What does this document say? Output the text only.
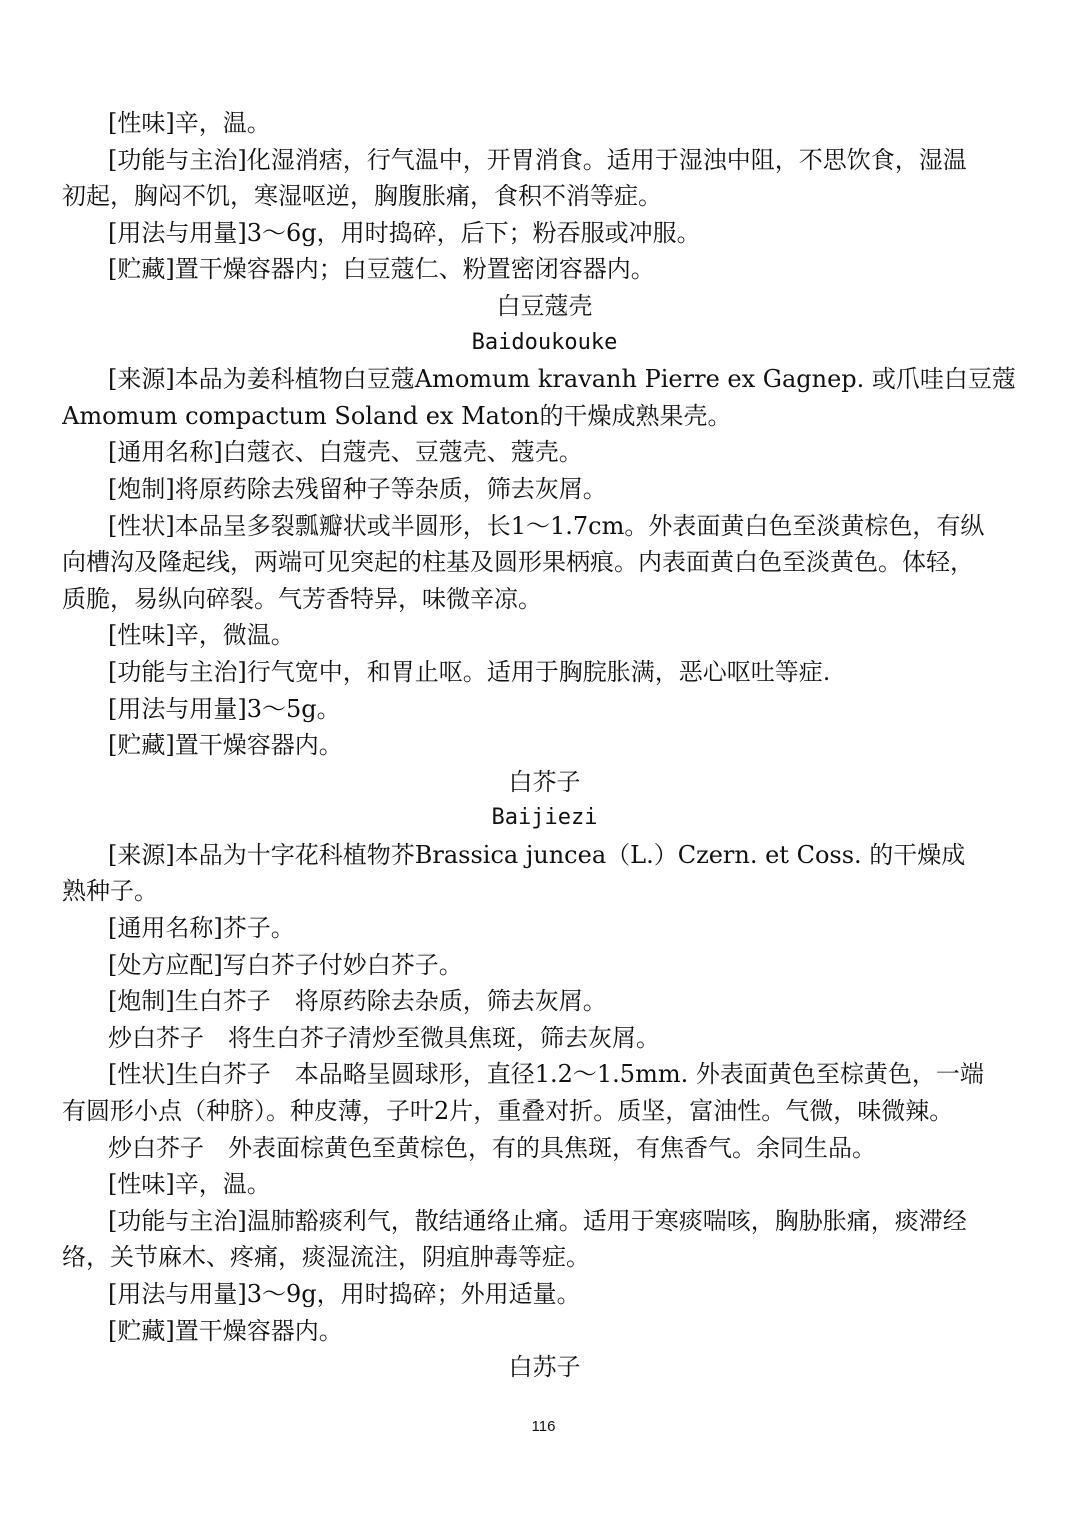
[性味]辛，温。
[功能与主治]化湿消痞，行气温中，开胃消食。适用于湿浊中阻，不思饮食，湿温
初起，胸闷不饥，寒湿呕逆，胸腹胀痛，食积不消等症。
[用法与用量]3～6g，用时捣碎，后下；粉吞服或冲服。
[贮藏]置干燥容器内；白豆蔻仁、粉置密闭容器内。
白豆蔻壳
Baidoukouke
[来源]本品为姜科植物白豆蔻Amomum kravanh Pierre ex Gagnep. 或爪哇白豆蔻
Amomum compactum Soland ex Maton的干燥成熟果壳。
[通用名称]白蔻衣、白蔻壳、豆蔻壳、蔻壳。
[炮制]将原药除去残留种子等杂质，筛去灰屑。
[性状]本品呈多裂瓢瓣状或半圆形，长1～1.7cm。外表面黄白色至淡黄棕色，有纵
向槽沟及隆起线，两端可见突起的柱基及圆形果柄痕。内表面黄白色至淡黄色。体轻，
质脆，易纵向碎裂。气芳香特异，味微辛凉。
[性味]辛，微温。
[功能与主治]行气宽中，和胃止呕。适用于胸脘胀满，恶心呕吐等症.
[用法与用量]3～5g。
[贮藏]置干燥容器内。
白芥子
Baijiezi
[来源]本品为十字花科植物芥Brassica juncea（L.）Czern. et Coss. 的干燥成
熟种子。
[通用名称]芥子。
[处方应配]写白芥子付妙白芥子。
[炮制]生白芥子 将原药除去杂质，筛去灰屑。
炒白芥子 将生白芥子清炒至微具焦斑，筛去灰屑。
[性状]生白芥子 本品略呈圆球形，直径1.2～1.5mm. 外表面黄色至棕黄色，一端
有圆形小点（种脐）。种皮薄，子叶2片，重叠对折。质坚，富油性。气微，味微辣。
炒白芥子 外表面棕黄色至黄棕色，有的具焦斑，有焦香气。余同生品。
[性味]辛，温。
[功能与主治]温肺豁痰利气，散结通络止痛。适用于寒痰喘咳，胸胁胀痛，痰滞经
络，关节麻木、疼痛，痰湿流注，阴疽肿毒等症。
[用法与用量]3～9g，用时捣碎；外用适量。
[贮藏]置干燥容器内。
白苏子
116
